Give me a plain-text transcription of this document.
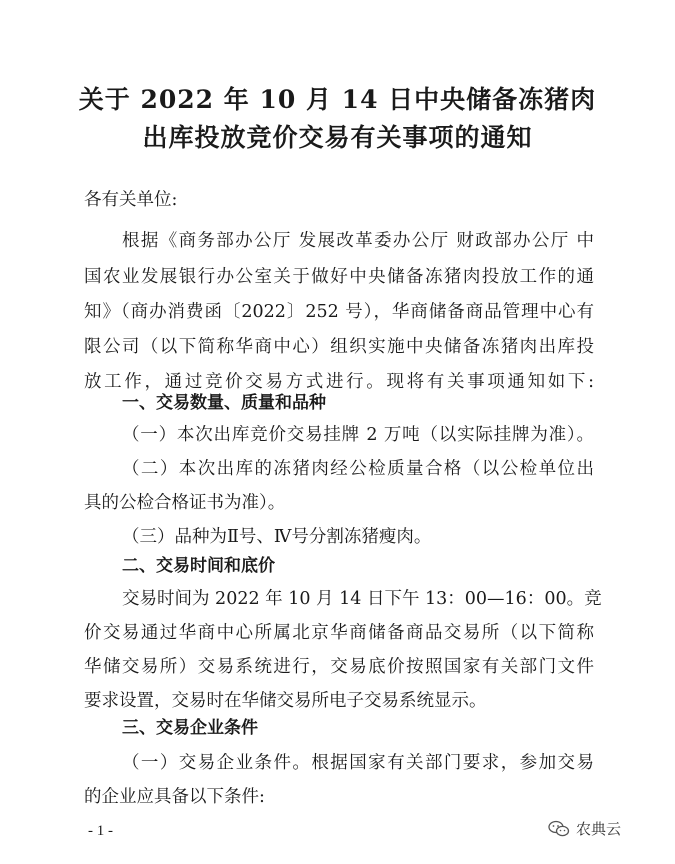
关于 2022 年 10 月 14 日中央储备冻猪肉
出库投放竞价交易有关事项的通知
各有关单位:
根据《商务部办公厅 发展改革委办公厅 财政部办公厅 中
国农业发展银行办公室关于做好中央储备冻猪肉投放工作的通
知》（商办消费函〔2022〕252 号），华商储备商品管理中心有
限公司（以下简称华商中心）组织实施中央储备冻猪肉出库投
放工作，通过竞价交易方式进行。现将有关事项通知如下:
一、交易数量、质量和品种
（一）本次出库竞价交易挂牌 2 万吨（以实际挂牌为准）。
（二）本次出库的冻猪肉经公检质量合格（以公检单位出
具的公检合格证书为准）。
（三）品种为Ⅱ号、Ⅳ号分割冻猪瘦肉。
二、交易时间和底价
交易时间为 2022 年 10 月 14 日下午 13：00—16：00。竞
价交易通过华商中心所属北京华商储备商品交易所（以下简称
华储交易所）交易系统进行，交易底价按照国家有关部门文件
要求设置，交易时在华储交易所电子交易系统显示。
三、交易企业条件
（一）交易企业条件。根据国家有关部门要求，参加交易
的企业应具备以下条件:
- 1 -	农典云
